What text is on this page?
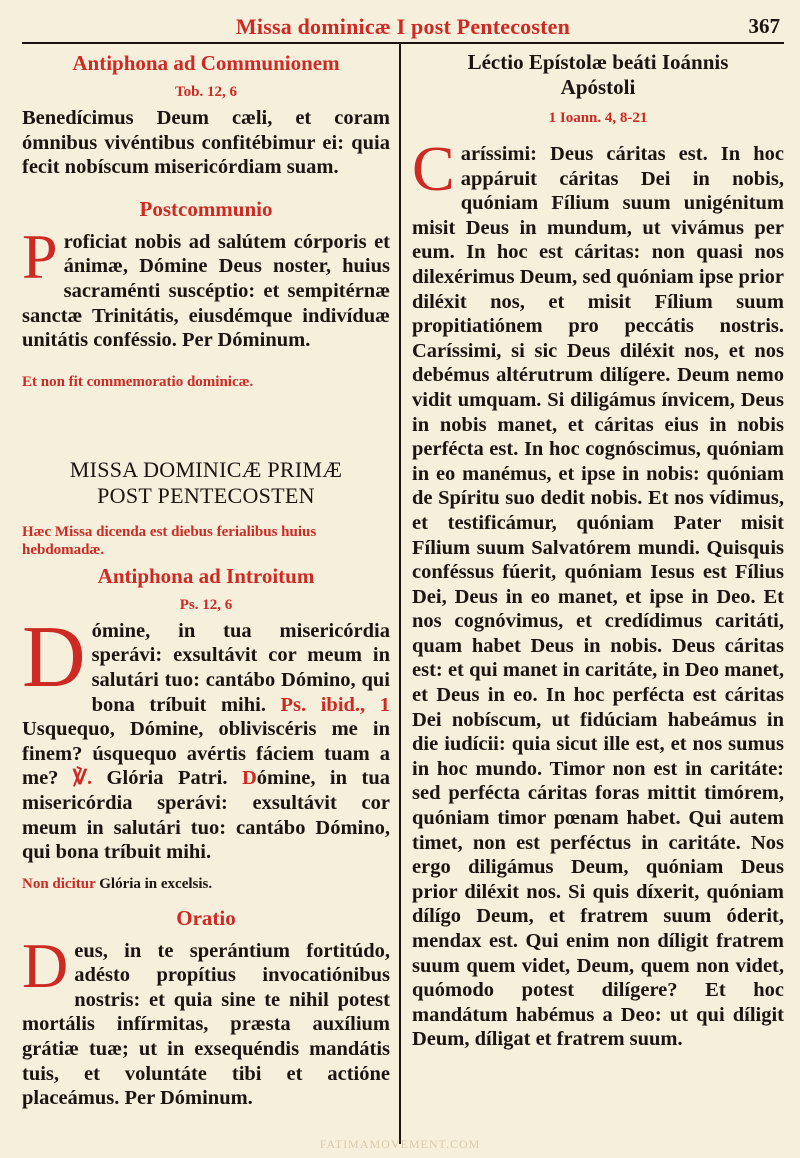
Missa dominicæ I post Pentecosten	367
Antiphona ad Communionem
Tob. 12, 6
Benedícimus Deum cæli, et coram ómnibus vivéntibus confitébimur ei: quia fecit nobíscum misericórdiam suam.
Postcommunio
Proficiat nobis ad salútem córporis et ánimæ, Dómine Deus noster, huius sacraménti suscéptio: et sempitérnæ sanctæ Trinitátis, eiusdémque indivíduæ unitátis conféssio. Per Dóminum.
Et non fit commemoratio dominicæ.
MISSA DOMINICÆ PRIMÆ
POST PENTECOSTEN
Hæc Missa dicenda est diebus ferialibus huius hebdomadæ.
Antiphona ad Introitum
Ps. 12, 6
Dómine, in tua misericórdia sperávi: exsultávit cor meum in salutári tuo: cantábo Dómino, qui bona tríbuit mihi. Ps. ibid., 1 Usquequo, Dómine, obliviscéris me in finem? úsquequo avértis fáciem tuam a me? ℣. Glória Patri. Dómine, in tua misericórdia sperávi: exsultávit cor meum in salutári tuo: cantábo Dómino, qui bona tríbuit mihi.
Non dicitur Glória in excelsis.
Oratio
Deus, in te sperántium fortitúdo, adésto propítius invocatiónibus nostris: et quia sine te nihil potest mortális infírmitas, præsta auxílium grátiæ tuæ; ut in exsequéndis mandátis tuis, et voluntáte tibi et actióne placeámus. Per Dóminum.
Léctio Epístolæ beáti Ioánnis
Apóstoli
1 Ioann. 4, 8-21
Caríssimi: Deus cáritas est. In hoc appáruit cáritas Dei in nobis, quóniam Fílium suum unigénitum misit Deus in mundum, ut vivámus per eum. In hoc est cáritas: non quasi nos dilexérimus Deum, sed quóniam ipse prior diléxit nos, et misit Fílium suum propitiatiónem pro peccátis nostris. Caríssimi, si sic Deus diléxit nos, et nos debémus altérutrum dilígere. Deum nemo vidit umquam. Si diligámus ínvicem, Deus in nobis manet, et cáritas eius in nobis perfécta est. In hoc cognóscimus, quóniam in eo manémus, et ipse in nobis: quóniam de Spíritu suo dedit nobis. Et nos vídimus, et testificámur, quóniam Pater misit Fílium suum Salvatórem mundi. Quisquis conféssus fúerit, quóniam Iesus est Fílius Dei, Deus in eo manet, et ipse in Deo. Et nos cognóvimus, et credídimus caritáti, quam habet Deus in nobis. Deus cáritas est: et qui manet in caritáte, in Deo manet, et Deus in eo. In hoc perfécta est cáritas Dei nobíscum, ut fidúciam habeámus in die iudícii: quia sicut ille est, et nos sumus in hoc mundo. Timor non est in caritáte: sed perfécta cáritas foras mittit timórem, quóniam timor pœnam habet. Qui autem timet, non est perféctus in caritáte. Nos ergo diligámus Deum, quóniam Deus prior diléxit nos. Si quis díxerit, quóniam dílígo Deum, et fratrem suum óderit, mendax est. Qui enim non díligit fratrem suum quem videt, Deum, quem non videt, quómodo potest dilígere? Et hoc mandátum habémus a Deo: ut qui díligit Deum, díligat et fratrem suum.
FATIMAMOVEMENT.COM
